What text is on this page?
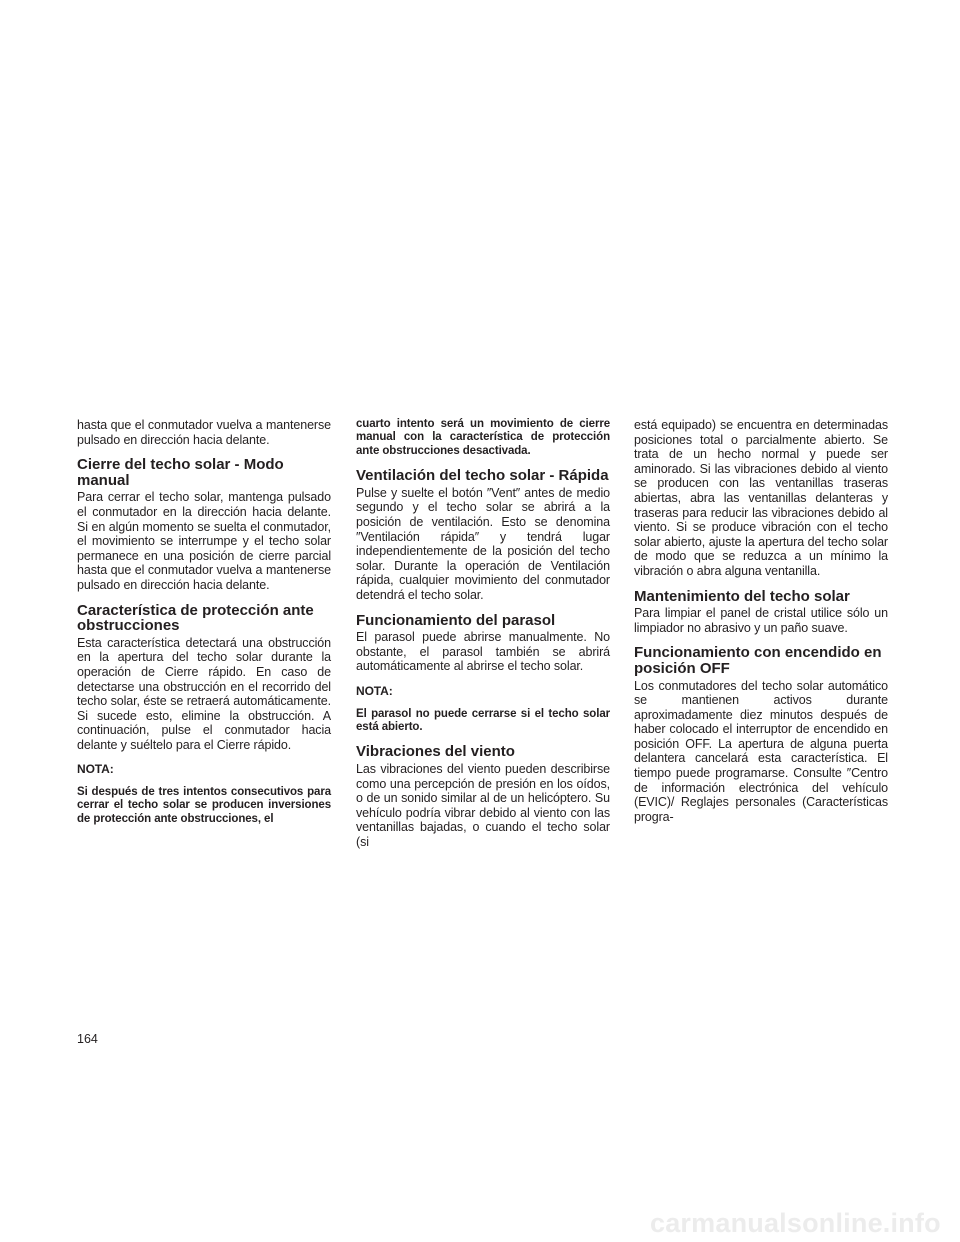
hasta que el conmutador vuelva a mantenerse pulsado en dirección hacia delante.

Cierre del techo solar - Modo manual

Para cerrar el techo solar, mantenga pulsado el conmutador en la dirección hacia delante. Si en algún momento se suelta el conmutador, el movimiento se interrumpe y el techo solar permanece en una posición de cierre parcial hasta que el conmutador vuelva a mantenerse pulsado en dirección hacia delante.

Característica de protección ante obstrucciones

Esta característica detectará una obstrucción en la apertura del techo solar durante la operación de Cierre rápido. En caso de detectarse una obstrucción en el recorrido del techo solar, éste se retraerá automáticamente. Si sucede esto, elimine la obstrucción. A continuación, pulse el conmutador hacia delante y suéltelo para el Cierre rápido.

NOTA:

Si después de tres intentos consecutivos para cerrar el techo solar se producen inversiones de protección ante obstrucciones, el

cuarto intento será un movimiento de cierre manual con la característica de protección ante obstrucciones desactivada.

Ventilación del techo solar - Rápida

Pulse y suelte el botón ″Vent″ antes de medio segundo y el techo solar se abrirá a la posición de ventilación. Esto se denomina ″Ventilación rápida″ y tendrá lugar independientemente de la posición del techo solar. Durante la operación de Ventilación rápida, cualquier movimiento del conmutador detendrá el techo solar.

Funcionamiento del parasol

El parasol puede abrirse manualmente. No obstante, el parasol también se abrirá automáticamente al abrirse el techo solar.

NOTA:

El parasol no puede cerrarse si el techo solar está abierto.

Vibraciones del viento

Las vibraciones del viento pueden describirse como una percepción de presión en los oídos, o de un sonido similar al de un helicóptero. Su vehículo podría vibrar debido al viento con las ventanillas bajadas, o cuando el techo solar (si

está equipado) se encuentra en determinadas posiciones total o parcialmente abierto. Se trata de un hecho normal y puede ser aminorado. Si las vibraciones debido al viento se producen con las ventanillas traseras abiertas, abra las ventanillas delanteras y traseras para reducir las vibraciones debido al viento. Si se produce vibración con el techo solar abierto, ajuste la apertura del techo solar de modo que se reduzca a un mínimo la vibración o abra alguna ventanilla.

Mantenimiento del techo solar

Para limpiar el panel de cristal utilice sólo un limpiador no abrasivo y un paño suave.

Funcionamiento con encendido en posición OFF

Los conmutadores del techo solar automático se mantienen activos durante aproximadamente diez minutos después de haber colocado el interruptor de encendido en posición OFF. La apertura de alguna puerta delantera cancelará esta característica. El tiempo puede programarse. Consulte ″Centro de información electrónica del vehículo (EVIC)/ Reglajes personales (Características progra-

164
carmanualsonline.info
